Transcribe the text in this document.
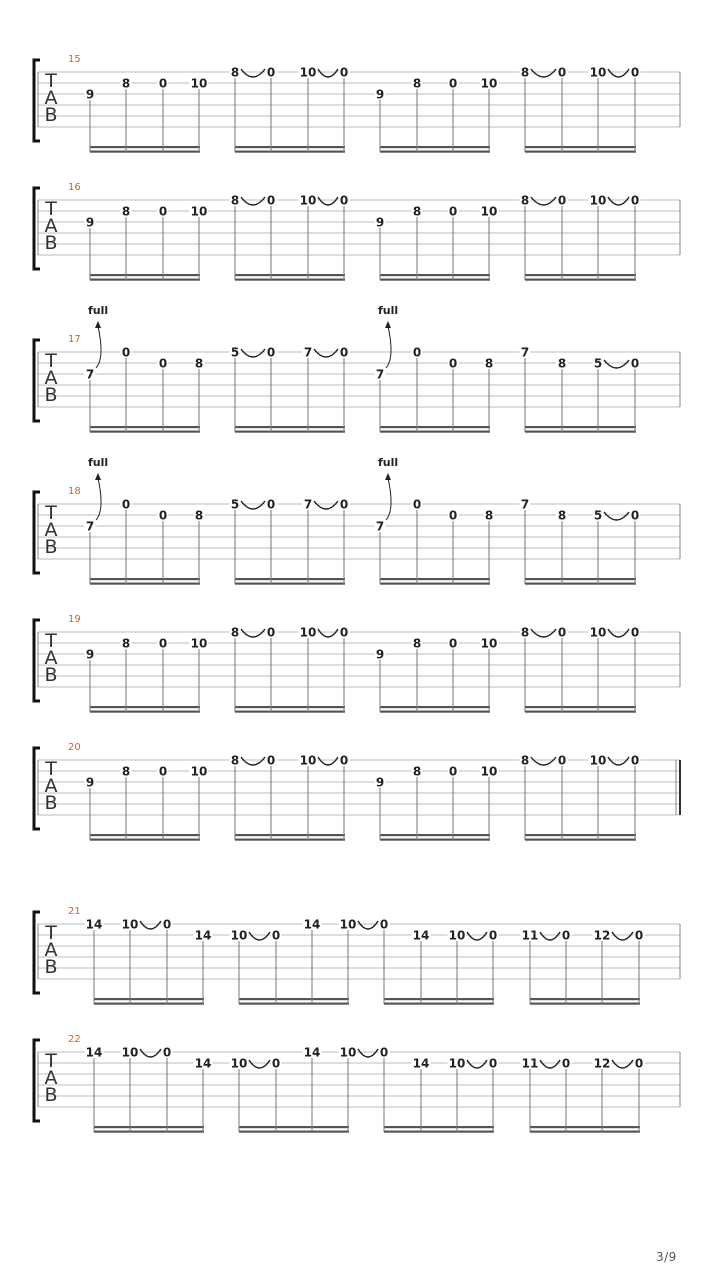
T
A
B
15
9
8 0 10
8 0 10 0
9
8 0 10
8 0 10 0
T
A
B
16
9
8 0 10
8 0 10 0
9
8 0 10
8 0 10 0
T
A
B
17
7
full
0
0 8
5 0 7 0
7
full
0
0 8
7
8 5 0
T
A
B
18
7
full
0
0 8
5 0 7 0
7
full
0
0 8
7
8 5 0
T
A
B
19
9
8 0 10
8 0 10 0
9
8 0 10
8 0 10 0
T
A
B
20
9
8 0 10
8 0 10 0
9
8 0 10
8 0 10 0
T
A
B
21
14 10 0
14 10 0
14 10 0
14 10 0 11 0 12 0
T
A
B
22
14 10 0
14 10 0
14 10 0
14 10 0 11 0 12 0
3/9
